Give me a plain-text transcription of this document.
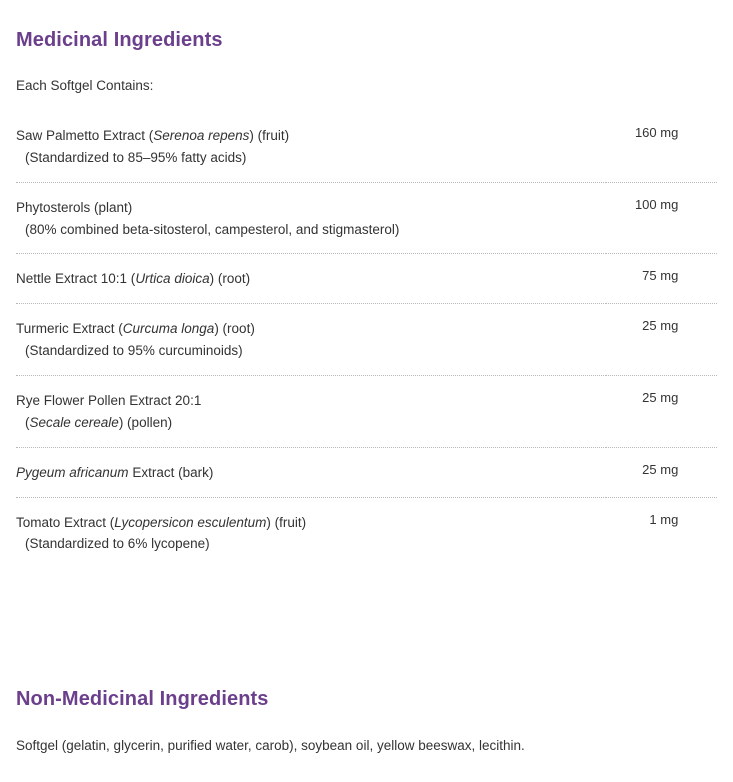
Medicinal Ingredients
Each Softgel Contains:	
Saw Palmetto Extract (Serenoa repens) (fruit)
(Standardized to 85–95% fatty acids)	160 mg

Phytosterols (plant)
(80% combined beta-sitosterol, campesterol, and stigmasterol)	100 mg

Nettle Extract 10:1 (Urtica dioica) (root)	75 mg

Turmeric Extract (Curcuma longa) (root)
(Standardized to 95% curcuminoids)	25 mg

Rye Flower Pollen Extract 20:1
(Secale cereale) (pollen)	25 mg

Pygeum africanum Extract (bark)	25 mg

Tomato Extract (Lycopersicon esculentum) (fruit)
(Standardized to 6% lycopene)	1 mg
Non-Medicinal Ingredients

Softgel (gelatin, glycerin, purified water, carob), soybean oil, yellow beeswax, lecithin.
